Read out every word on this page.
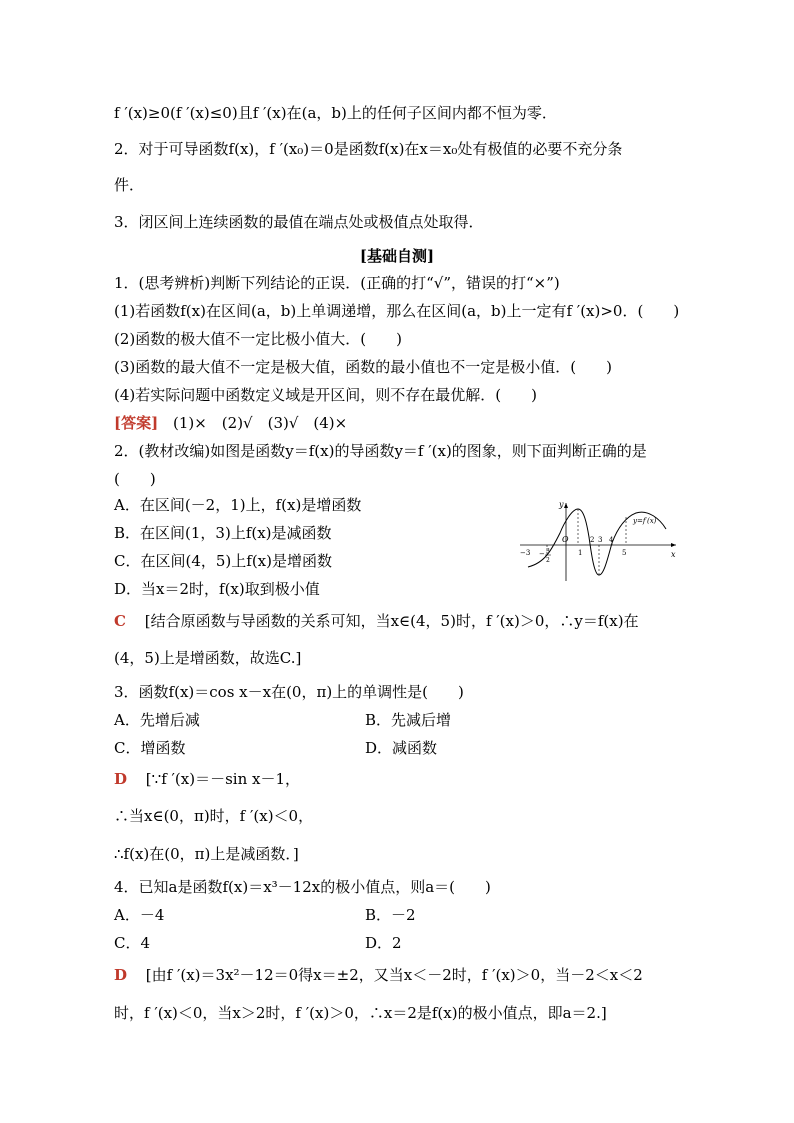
f ′(x)≥0(f ′(x)≤0)且f ′(x)在(a，b)上的任何子区间内都不恒为零．
2．对于可导函数f(x)，f ′(x₀)＝0是函数f(x)在x＝x₀处有极值的必要不充分条
件．
3．闭区间上连续函数的最值在端点处或极值点处取得．
[基础自测]
1．(思考辨析)判断下列结论的正误．(正确的打“√”，错误的打“×”)
(1)若函数f(x)在区间(a，b)上单调递增，那么在区间(a，b)上一定有f ′(x)>0．(　　)
(2)函数的极大值不一定比极小值大．(　　)
(3)函数的最大值不一定是极大值，函数的最小值也不一定是极小值．(　　)
(4)若实际问题中函数定义域是开区间，则不存在最优解．(　　)
[答案] (1)×　(2)√　(3)√　(4)×
2．(教材改编)如图是函数y＝f(x)的导函数y＝f ′(x)的图象，则下面判断正确的是
(　　)
A．在区间(－2，1)上，f(x)是增函数
B．在区间(1，3)上f(x)是减函数
C．在区间(4，5)上f(x)是增函数
D．当x＝2时，f(x)取到极小值
y
x
y=f′(x)
−3 − 3
2
O
1
2 3 4
5
C [结合原函数与导函数的关系可知，当x∈(4，5)时，f ′(x)＞0，∴y＝f(x)在
(4，5)上是增函数，故选C.]
3．函数f(x)＝cos x－x在(0，π)上的单调性是(　　)
A．先增后减	B．先减后增
C．增函数	D．减函数
D [∵f ′(x)＝－sin x－1，
∴当x∈(0，π)时，f ′(x)＜0，
∴f(x)在(0，π)上是减函数．]
4．已知a是函数f(x)＝x³－12x的极小值点，则a＝(　　)
A．－4	B．－2
C．4	D．2
D [由f ′(x)＝3x²－12＝0得x＝±2，又当x＜－2时，f ′(x)＞0，当－2＜x＜2
时，f ′(x)＜0，当x＞2时，f ′(x)＞0，∴x＝2是f(x)的极小值点，即a＝2.]
